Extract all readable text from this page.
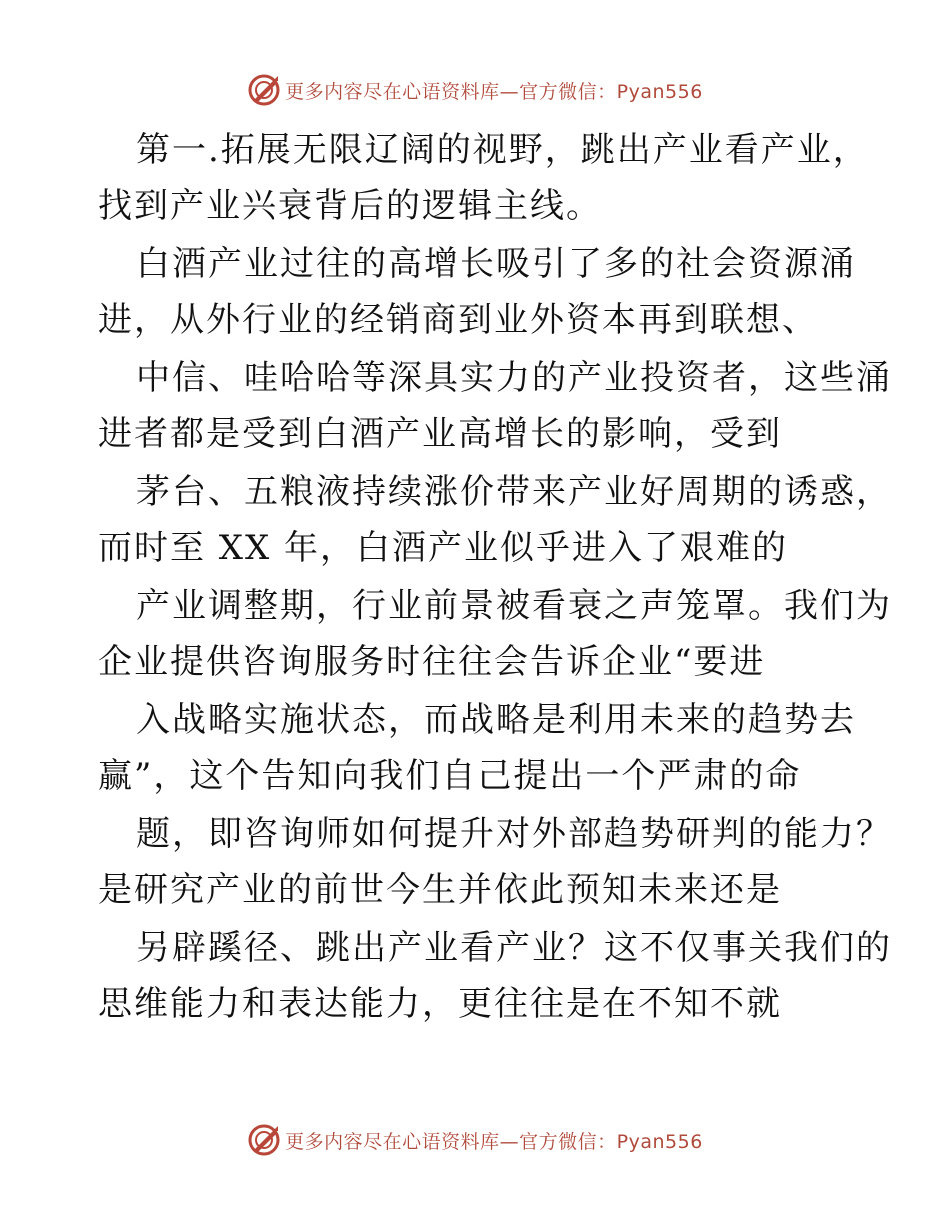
更多内容尽在心语资料库—官方微信：Pyan556
第一.拓展无限辽阔的视野，跳出产业看产业，
找到产业兴衰背后的逻辑主线。
白酒产业过往的高增长吸引了多的社会资源涌
进，从外行业的经销商到业外资本再到联想、
中信、哇哈哈等深具实力的产业投资者，这些涌
进者都是受到白酒产业高增长的影响，受到
茅台、五粮液持续涨价带来产业好周期的诱惑，
而时至 XX 年，白酒产业似乎进入了艰难的
产业调整期，行业前景被看衰之声笼罩。我们为
企业提供咨询服务时往往会告诉企业“要进
入战略实施状态，而战略是利用未来的趋势去
赢”，这个告知向我们自己提出一个严肃的命
题，即咨询师如何提升对外部趋势研判的能力？
是研究产业的前世今生并依此预知未来还是
另辟蹊径、跳出产业看产业？这不仅事关我们的
思维能力和表达能力，更往往是在不知不就
更多内容尽在心语资料库—官方微信：Pyan556
